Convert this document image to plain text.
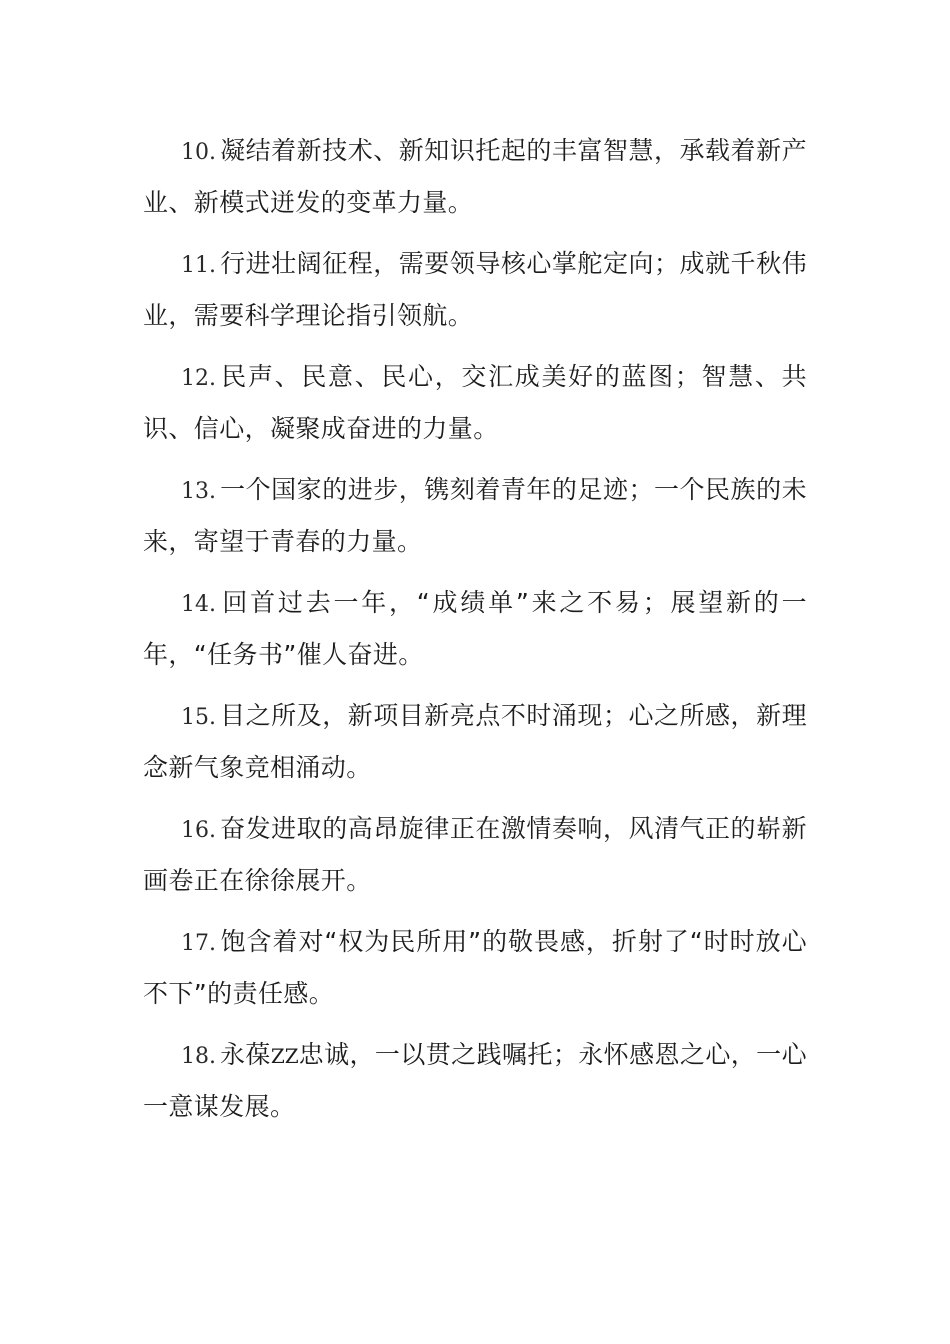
10. 凝结着新技术、新知识托起的丰富智慧，承载着新产业、新模式迸发的变革力量。

11. 行进壮阔征程，需要领导核心掌舵定向；成就千秋伟业，需要科学理论指引领航。

12. 民声、民意、民心，交汇成美好的蓝图；智慧、共识、信心，凝聚成奋进的力量。

13. 一个国家的进步，镌刻着青年的足迹；一个民族的未来，寄望于青春的力量。

14. 回首过去一年，“成绩单”来之不易；展望新的一年，“任务书”催人奋进。

15. 目之所及，新项目新亮点不时涌现；心之所感，新理念新气象竞相涌动。

16. 奋发进取的高昂旋律正在激情奏响，风清气正的崭新画卷正在徐徐展开。

17. 饱含着对“权为民所用”的敬畏感，折射了“时时放心不下”的责任感。

18. 永葆ZZ忠诚，一以贯之践嘱托；永怀感恩之心，一心一意谋发展。
